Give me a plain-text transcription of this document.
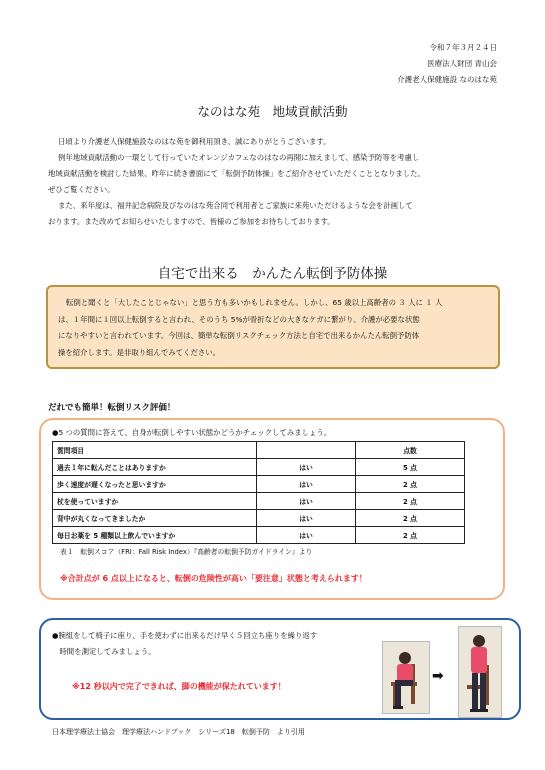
令和７年３月２４日
医療法人財団 青山会
介護老人保健施設 なのはな苑
なのはな苑　地域貢献活動
日頃より介護老人保健施設なのはな苑を御利用頂き、誠にありがとうございます。
例年地域貢献活動の一環として行っていたオレンジカフェなのはなの再開に加えまして、感染予防等を考慮し
地域貢献活動を検討した結果、昨年に続き書面にて「転倒予防体操」をご紹介させていただくこととなりました。
ぜひご覧ください。
また、来年度は、福井記念病院及びなのはな苑合同で利用者とご家族に来苑いただけるような会を計画して
おります。また改めてお知らせいたしますので、皆様のご参加をお待ちしております。
自宅で出来る　かんたん転倒予防体操
転倒と聞くと「大したことじゃない」と思う方も多いかもしれません。しかし、65 歳以上高齢者の ３ 人に １ 人
は、１年間に１回以上転倒すると言われ、そのうち 5%が骨折などの大きなケガに繋がり、介護が必要な状態
になりやすいと言われています。今回は、簡単な転倒リスクチェック方法と自宅で出来るかんたん転倒予防体
操を紹介します。是非取り組んでみてください。
だれでも簡単！転倒リスク評価！
●5 つの質問に答えて、自身が転倒しやすい状態かどうかチェックしてみましょう。
質問項目		点数
過去１年に転んだことはありますか	はい	5 点
歩く速度が遅くなったと思いますか	はい	2 点
杖を使っていますか	はい	2 点
背中が丸くなってきましたか	はい	2 点
毎日お薬を 5 種類以上飲んでいますか	はい	2 点
表１　転倒スコア（FRI：Fall Risk Index）『高齢者の転倒予防ガイドライン』より
※合計点が 6 点以上になると、転倒の危険性が高い「要注意」状態と考えられます！
●腕組をして椅子に座り、手を使わずに出来るだけ早く５回立ち座りを繰り返す
　時間を測定してみましょう。
※12 秒以内で完了できれば、脚の機能が保たれています！
➡
日本理学療法士協会　理学療法ハンドブック　シリーズ18　転倒予防　より引用
